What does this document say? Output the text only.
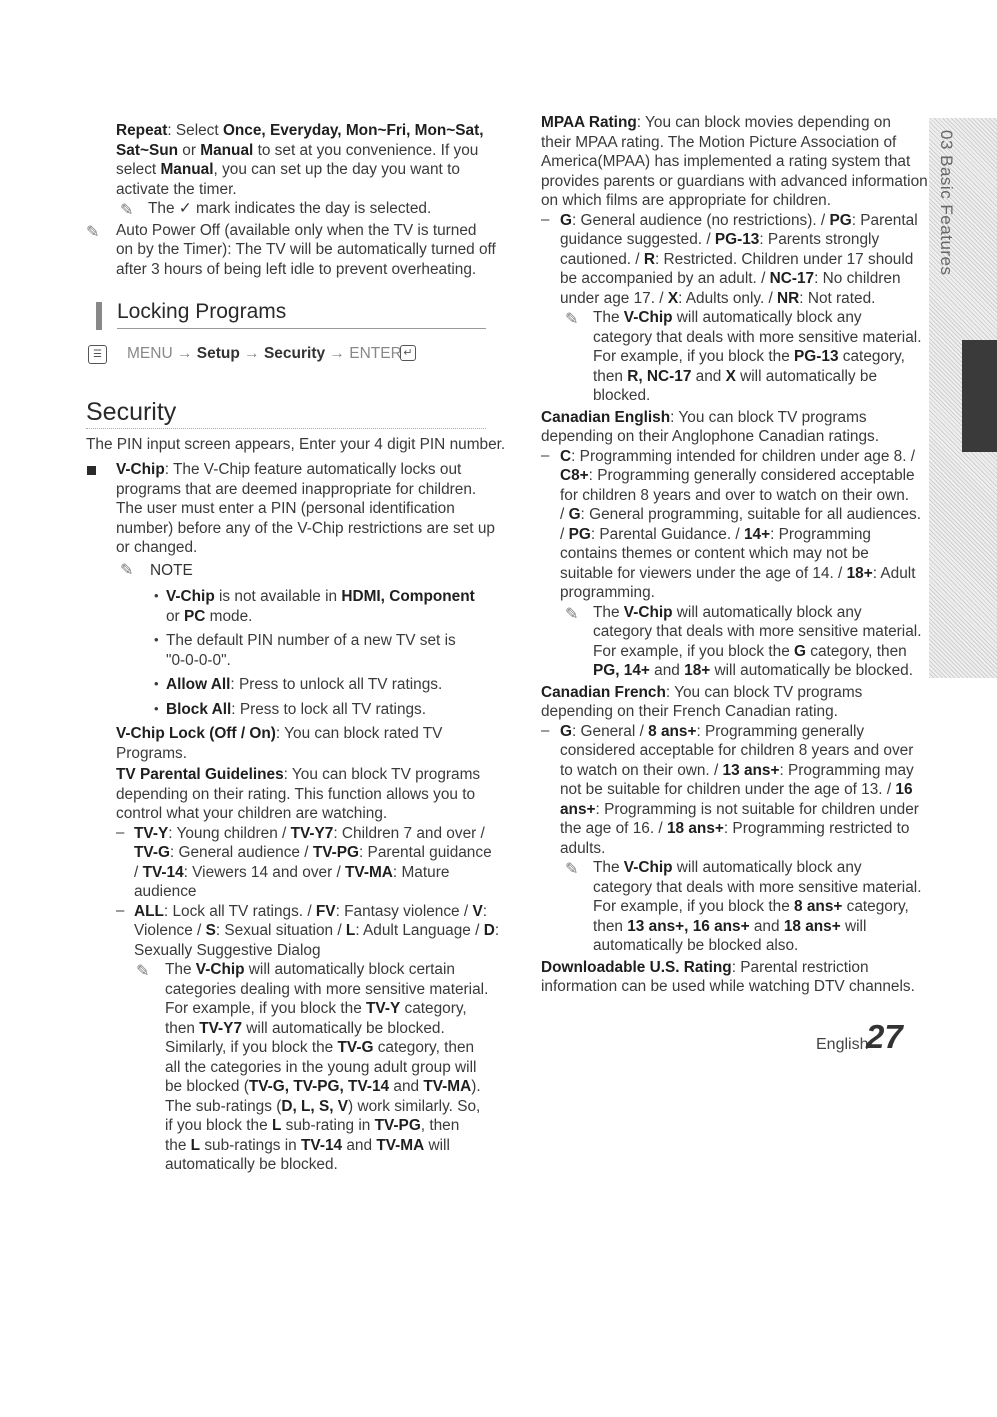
03 Basic Features
English
27
Repeat: Select Once, Everyday, Mon~Fri, Mon~Sat,
Sat~Sun or Manual to set at you convenience. If you
select Manual, you can set up the day you want to
activate the timer.
✎ The ✓ mark indicates the day is selected.
✎ Auto Power Off (available only when the TV is turned
on by the Timer): The TV will be automatically turned off
after 3 hours of being left idle to prevent overheating.
Locking Programs
☰	MENU → Setup → Security → ENTER ↵
Security
The PIN input screen appears, Enter your 4 digit PIN number.
V-Chip: The V-Chip feature automatically locks out
programs that are deemed inappropriate for children.
The user must enter a PIN (personal identification
number) before any of the V-Chip restrictions are set up
or changed.
✎ NOTE
• V-Chip is not available in HDMI, Component
or PC mode.
• The default PIN number of a new TV set is
"0-0-0-0".
• Allow All: Press to unlock all TV ratings.
• Block All: Press to lock all TV ratings.
V-Chip Lock (Off / On): You can block rated TV
Programs.
TV Parental Guidelines: You can block TV programs
depending on their rating. This function allows you to
control what your children are watching.
– TV-Y: Young children / TV-Y7: Children 7 and over /
TV-G: General audience / TV-PG: Parental guidance
/ TV-14: Viewers 14 and over / TV-MA: Mature
audience
– ALL: Lock all TV ratings. / FV: Fantasy violence / V:
Violence / S: Sexual situation / L: Adult Language / D:
Sexually Suggestive Dialog
✎ The V-Chip will automatically block certain
categories dealing with more sensitive material.
For example, if you block the TV-Y category,
then TV-Y7 will automatically be blocked.
Similarly, if you block the TV-G category, then
all the categories in the young adult group will
be blocked (TV-G, TV-PG, TV-14 and TV-MA).
The sub-ratings (D, L, S, V) work similarly. So,
if you block the L sub-rating in TV-PG, then
the L sub-ratings in TV-14 and TV-MA will
automatically be blocked.
MPAA Rating: You can block movies depending on
their MPAA rating. The Motion Picture Association of
America(MPAA) has implemented a rating system that
provides parents or guardians with advanced information
on which films are appropriate for children.
– G: General audience (no restrictions). / PG: Parental
guidance suggested. / PG-13: Parents strongly
cautioned. / R: Restricted. Children under 17 should
be accompanied by an adult. / NC-17: No children
under age 17. / X: Adults only. / NR: Not rated.
✎ The V-Chip will automatically block any
category that deals with more sensitive material.
For example, if you block the PG-13 category,
then R, NC-17 and X will automatically be
blocked.
Canadian English: You can block TV programs
depending on their Anglophone Canadian ratings.
– C: Programming intended for children under age 8. /
C8+: Programming generally considered acceptable
for children 8 years and over to watch on their own.
/ G: General programming, suitable for all audiences.
/ PG: Parental Guidance. / 14+: Programming
contains themes or content which may not be
suitable for viewers under the age of 14. / 18+: Adult
programming.
✎ The V-Chip will automatically block any
category that deals with more sensitive material.
For example, if you block the G category, then
PG, 14+ and 18+ will automatically be blocked.
Canadian French: You can block TV programs
depending on their French Canadian rating.
– G: General / 8 ans+: Programming generally
considered acceptable for children 8 years and over
to watch on their own. / 13 ans+: Programming may
not be suitable for children under the age of 13. / 16
ans+: Programming is not suitable for children under
the age of 16. / 18 ans+: Programming restricted to
adults.
✎ The V-Chip will automatically block any
category that deals with more sensitive material.
For example, if you block the 8 ans+ category,
then 13 ans+, 16 ans+ and 18 ans+ will
automatically be blocked also.
Downloadable U.S. Rating: Parental restriction
information can be used while watching DTV channels.
